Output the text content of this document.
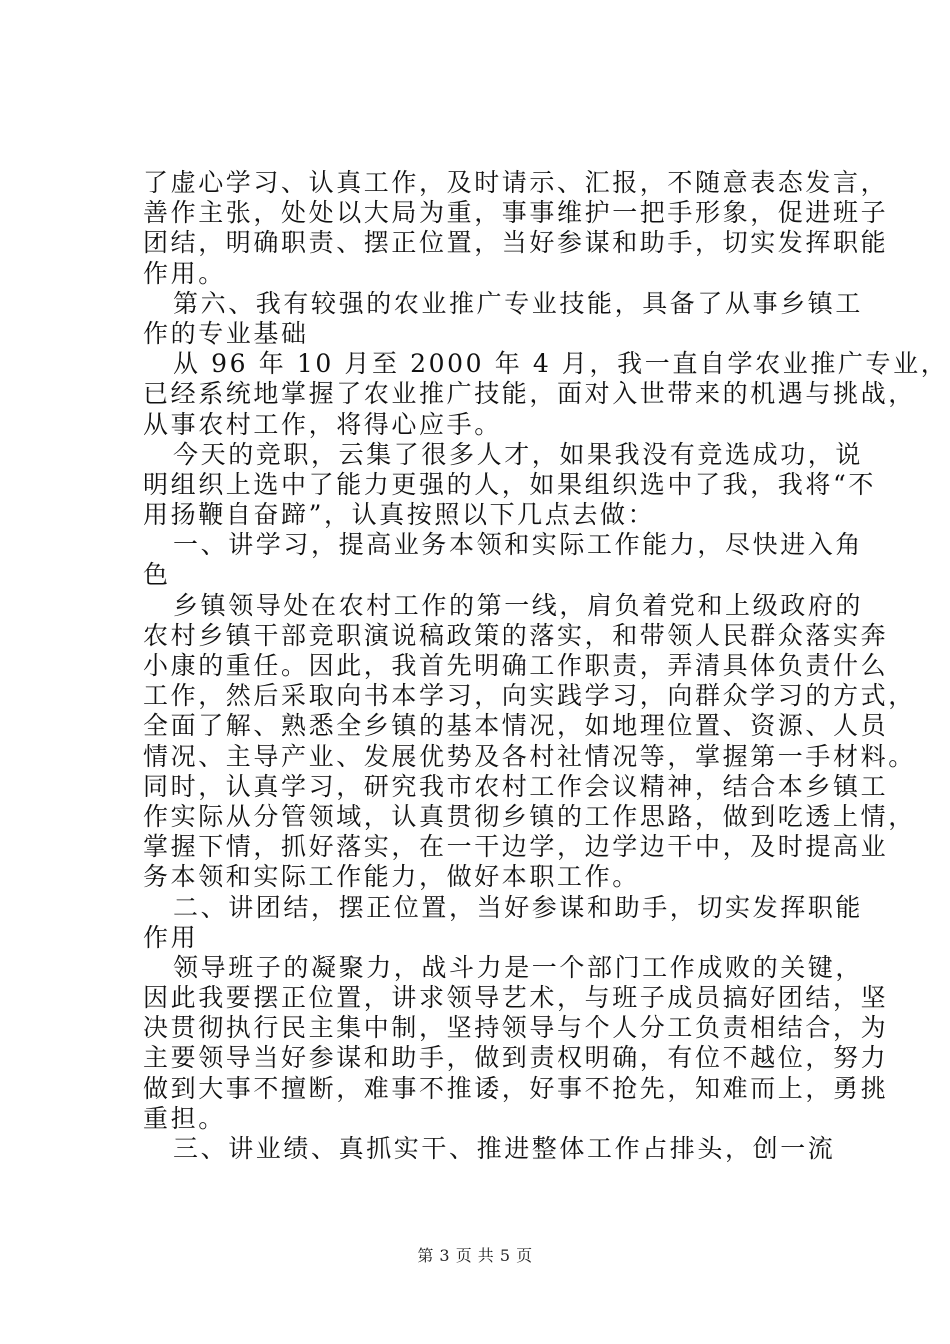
了虚心学习、认真工作，及时请示、汇报，不随意表态发言，
善作主张，处处以大局为重，事事维护一把手形象，促进班子
团结，明确职责、摆正位置，当好参谋和助手，切实发挥职能
作用。
第六、我有较强的农业推广专业技能，具备了从事乡镇工
作的专业基础
从 96 年 10 月至 2000 年 4 月，我一直自学农业推广专业，
已经系统地掌握了农业推广技能，面对入世带来的机遇与挑战，
从事农村工作，将得心应手。
今天的竞职，云集了很多人才，如果我没有竞选成功，说
明组织上选中了能力更强的人，如果组织选中了我，我将“不
用扬鞭自奋蹄”，认真按照以下几点去做：
一、讲学习，提高业务本领和实际工作能力，尽快进入角
色
乡镇领导处在农村工作的第一线，肩负着党和上级政府的
农村乡镇干部竞职演说稿政策的落实，和带领人民群众落实奔
小康的重任。因此，我首先明确工作职责，弄清具体负责什么
工作，然后采取向书本学习，向实践学习，向群众学习的方式，
全面了解、熟悉全乡镇的基本情况，如地理位置、资源、人员
情况、主导产业、发展优势及各村社情况等，掌握第一手材料。
同时，认真学习，研究我市农村工作会议精神，结合本乡镇工
作实际从分管领域，认真贯彻乡镇的工作思路，做到吃透上情，
掌握下情，抓好落实，在一干边学，边学边干中，及时提高业
务本领和实际工作能力，做好本职工作。
二、讲团结，摆正位置，当好参谋和助手，切实发挥职能
作用
领导班子的凝聚力，战斗力是一个部门工作成败的关键，
因此我要摆正位置，讲求领导艺术，与班子成员搞好团结，坚
决贯彻执行民主集中制，坚持领导与个人分工负责相结合，为
主要领导当好参谋和助手，做到责权明确，有位不越位，努力
做到大事不擅断，难事不推诿，好事不抢先，知难而上，勇挑
重担。
三、讲业绩、真抓实干、推进整体工作占排头，创一流
第 3 页 共 5 页
